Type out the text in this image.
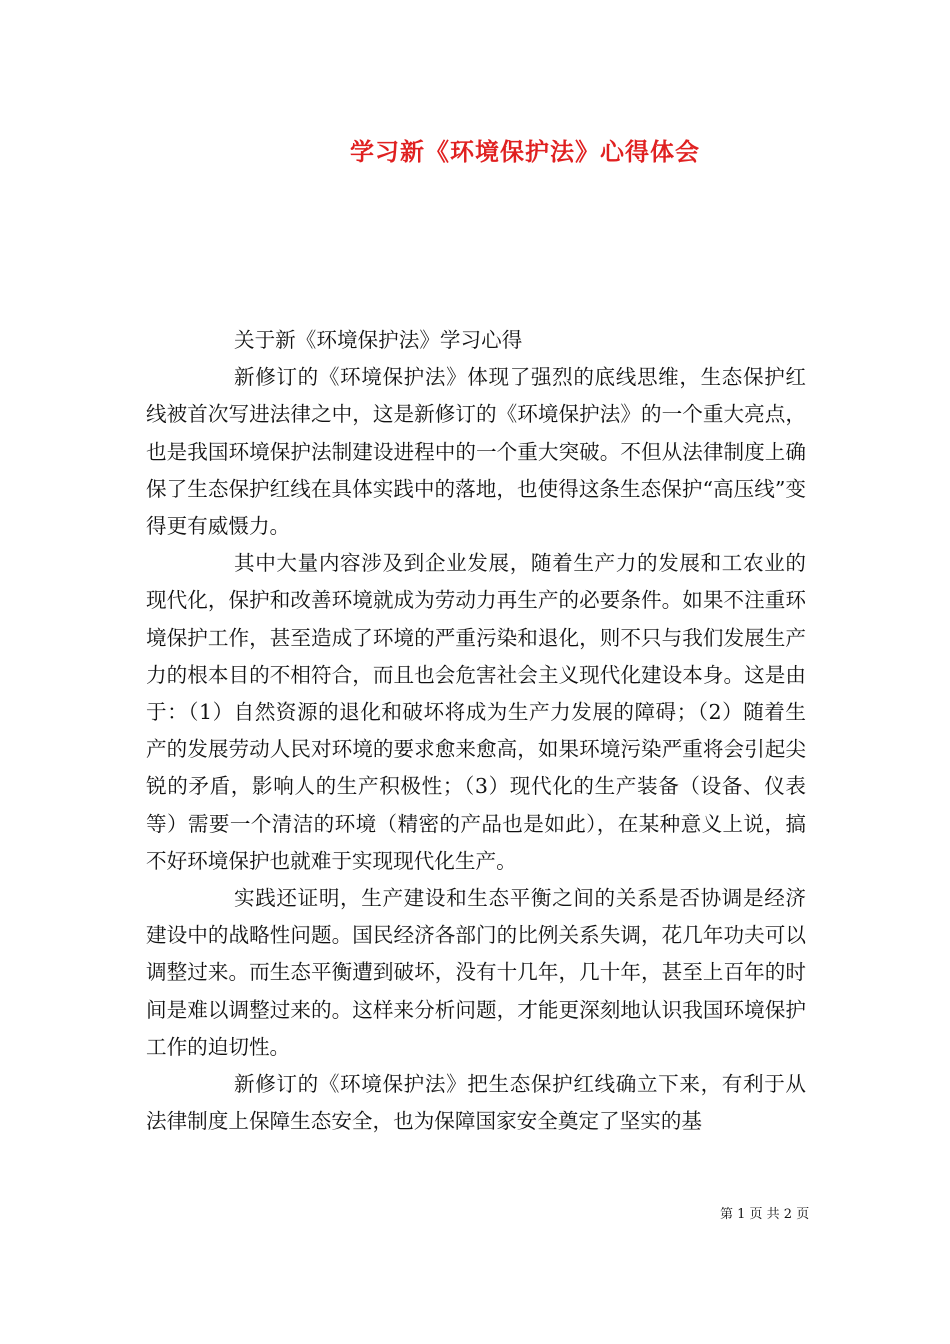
学习新《环境保护法》心得体会

关于新《环境保护法》学习心得

新修订的《环境保护法》体现了强烈的底线思维，生态保护红线被首次写进法律之中，这是新修订的《环境保护法》的一个重大亮点，也是我国环境保护法制建设进程中的一个重大突破。不但从法律制度上确保了生态保护红线在具体实践中的落地，也使得这条生态保护“高压线”变得更有威慑力。

其中大量内容涉及到企业发展，随着生产力的发展和工农业的现代化，保护和改善环境就成为劳动力再生产的必要条件。如果不注重环境保护工作，甚至造成了环境的严重污染和退化，则不只与我们发展生产力的根本目的不相符合，而且也会危害社会主义现代化建设本身。这是由于：（1）自然资源的退化和破坏将成为生产力发展的障碍；（2）随着生产的发展劳动人民对环境的要求愈来愈高，如果环境污染严重将会引起尖锐的矛盾，影响人的生产积极性；（3）现代化的生产装备（设备、仪表等）需要一个清洁的环境（精密的产品也是如此），在某种意义上说，搞不好环境保护也就难于实现现代化生产。

实践还证明，生产建设和生态平衡之间的关系是否协调是经济建设中的战略性问题。国民经济各部门的比例关系失调，花几年功夫可以调整过来。而生态平衡遭到破坏，没有十几年，几十年，甚至上百年的时间是难以调整过来的。这样来分析问题，才能更深刻地认识我国环境保护工作的迫切性。

新修订的《环境保护法》把生态保护红线确立下来，有利于从法律制度上保障生态安全，也为保障国家安全奠定了坚实的基

第 1 页 共 2 页
